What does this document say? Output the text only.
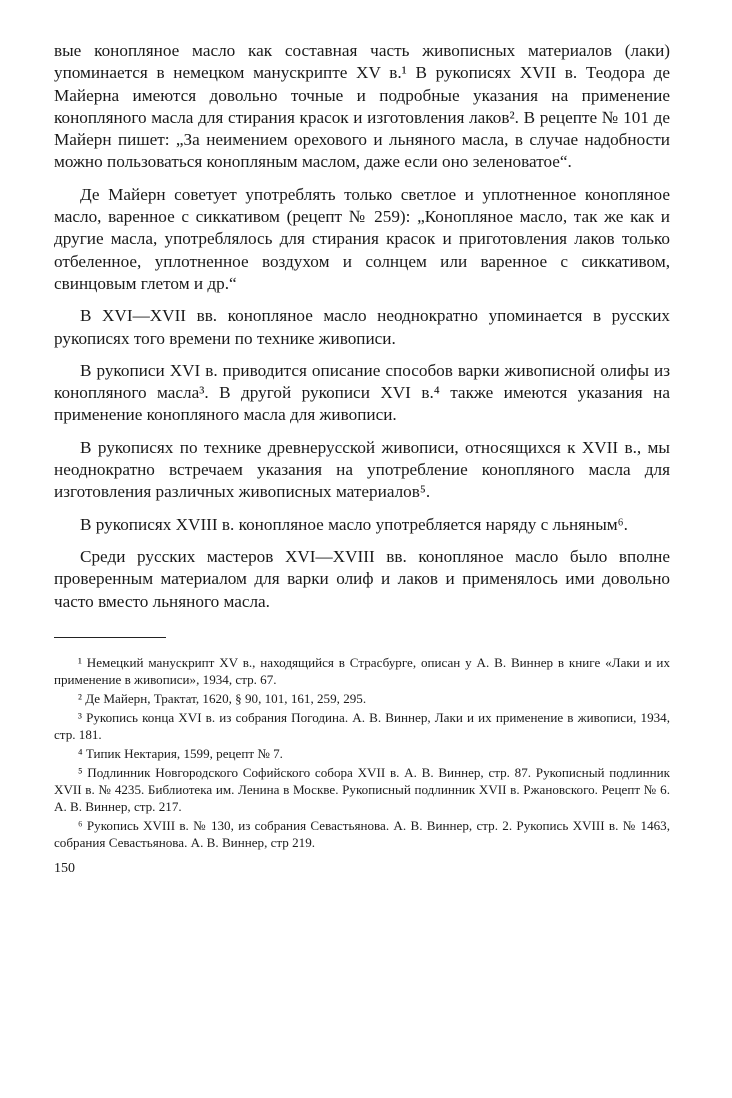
вые конопляное масло как составная часть живописных материалов (лаки) упоминается в немецком манускрипте XV в.¹ В рукописях XVII в. Теодора де Майерна имеются довольно точные и подробные указания на применение конопляного масла для стирания красок и изготовления лаков². В рецепте № 101 де Майерн пишет: „За неимением орехового и льняного масла, в случае надобности можно пользоваться конопляным маслом, даже если оно зеленоватое“.

Де Майерн советует употреблять только светлое и уплотненное конопляное масло, варенное с сиккативом (рецепт № 259): „Конопляное масло, так же как и другие масла, употреблялось для стирания красок и приготовления лаков только отбеленное, уплотненное воздухом и солнцем или варенное с сиккативом, свинцовым глетом и др.“

В XVI—XVII вв. конопляное масло неоднократно упоминается в русских рукописях того времени по технике живописи.

В рукописи XVI в. приводится описание способов варки живописной олифы из конопляного масла³. В другой рукописи XVI в.⁴ также имеются указания на применение конопляного масла для живописи.

В рукописях по технике древнерусской живописи, относящихся к XVII в., мы неоднократно встречаем указания на употребление конопляного масла для изготовления различных живописных материалов⁵.

В рукописях XVIII в. конопляное масло употребляется наряду с льняным⁶.

Среди русских мастеров XVI—XVIII вв. конопляное масло было вполне проверенным материалом для варки олиф и лаков и применялось ими довольно часто вместо льняного масла.

¹ Немецкий манускрипт XV в., находящийся в Страсбурге, описан у А. В. Виннер в книге «Лаки и их применение в живописи», 1934, стр. 67.

² Де Майерн, Трактат, 1620, § 90, 101, 161, 259, 295.

³ Рукопись конца XVI в. из собрания Погодина. А. В. Виннер, Лаки и их применение в живописи, 1934, стр. 181.

⁴ Типик Нектария, 1599, рецепт № 7.

⁵ Подлинник Новгородского Софийского собора XVII в. А. В. Виннер, стр. 87. Рукописный подлинник XVII в. № 4235. Библиотека им. Ленина в Москве. Рукописный подлинник XVII в. Ржановского. Рецепт № 6. А. В. Виннер, стр. 217.

⁶ Рукопись XVIII в. № 130, из собрания Севастьянова. А. В. Виннер, стр. 2. Рукопись XVIII в. № 1463, собрания Севастьянова. А. В. Виннер, стр 219.

150
